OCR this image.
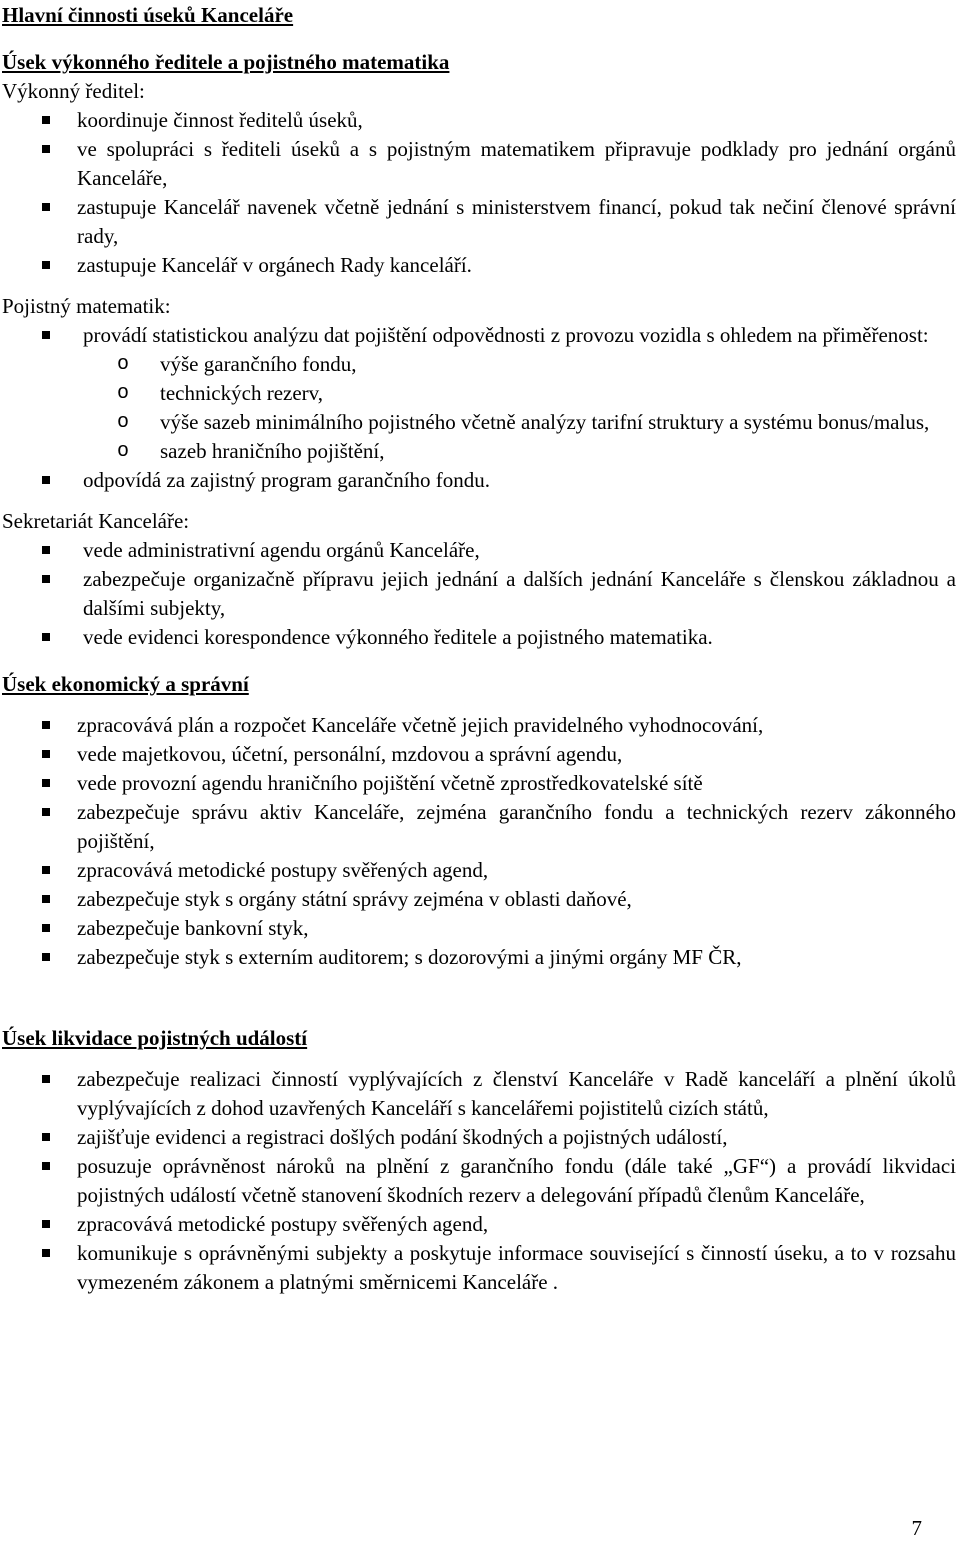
Hlavní činnosti úseků Kanceláře

Úsek výkonného ředitele a pojistného matematika

Výkonný ředitel:

koordinuje činnost ředitelů úseků,
ve spolupráci s řediteli úseků a s pojistným matematikem připravuje podklady pro jednání orgánů Kanceláře,
zastupuje Kancelář navenek včetně jednání s ministerstvem financí, pokud tak nečiní členové správní rady,
zastupuje Kancelář v orgánech Rady kanceláří.

Pojistný matematik:

provádí statistickou analýzu dat pojištění odpovědnosti z provozu vozidla s ohledem na přiměřenost:
o výše garančního fondu,
o technických rezerv,
o výše sazeb minimálního pojistného včetně analýzy tarifní struktury a systému bonus/malus,
o sazeb hraničního pojištění,
odpovídá za zajistný program garančního fondu.

Sekretariát Kanceláře:

vede administrativní agendu orgánů Kanceláře,
zabezpečuje organizačně přípravu jejich jednání a dalších jednání Kanceláře s členskou základnou a dalšími subjekty,
vede evidenci korespondence výkonného ředitele a pojistného matematika.

Úsek ekonomický a správní

zpracovává plán a rozpočet Kanceláře včetně jejich pravidelného vyhodnocování,
vede majetkovou, účetní, personální, mzdovou a správní agendu,
vede provozní agendu hraničního pojištění včetně zprostředkovatelské sítě
zabezpečuje správu aktiv Kanceláře, zejména garančního fondu a technických rezerv zákonného pojištění,
zpracovává metodické postupy svěřených agend,
zabezpečuje styk s orgány státní správy zejména v oblasti daňové,
zabezpečuje bankovní styk,
zabezpečuje styk s externím auditorem; s dozorovými a jinými orgány MF ČR,

Úsek likvidace pojistných událostí

zabezpečuje realizaci činností vyplývajících z členství Kanceláře v Radě kanceláří a plnění úkolů vyplývajících z dohod uzavřených Kanceláří s kancelářemi pojistitelů cizích států,
zajišťuje evidenci a registraci došlých podání škodných a pojistných událostí,
posuzuje oprávněnost nároků na plnění z garančního fondu (dále také „GF“) a provádí likvidaci pojistných událostí včetně stanovení škodních rezerv a delegování případů členům Kanceláře,
zpracovává metodické postupy svěřených agend,
komunikuje s oprávněnými subjekty a poskytuje informace související s činností úseku, a to v rozsahu vymezeném zákonem a platnými směrnicemi Kanceláře .
7
